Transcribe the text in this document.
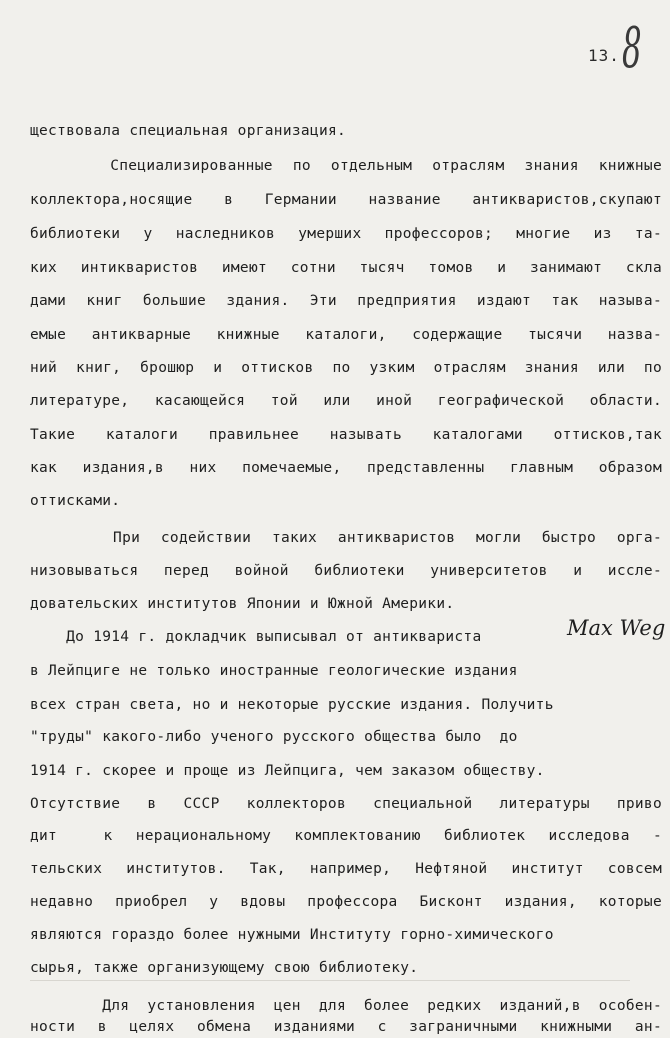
13. 8
ществовала специальная организация.
Специализированные по отдельным отраслям знания книжные
коллектора,носящие в Германии название антикваристов,скупают
библиотеки у наследников умерших профессоров; многие из та-
ких интикваристов имеют сотни тысяч томов и занимают скла
дами книг большие здания. Эти предприятия издают так называ-
емые антикварные книжные каталоги, содержащие тысячи назва-
ний книг, брошюр и оттисков по узким отраслям знания или по
литературе, касающейся той или иной географической области.
Такие каталоги правильнее называть каталогами оттисков,так
как издания,в них помечаемые, представленны главным образом
оттисками.
При содействии таких антикваристов могли быстро орга-
низовываться перед войной библиотеки университетов и иссле-
довательских институтов Японии и Южной Америки.
До 1914 г. докладчик выписывал от антиквариста	Max Weg
в Лейпциге не только иностранные геологические издания
всех стран света, но и некоторые русские издания. Получить
"труды" какого-либо ученого русского общества было  до
1914 г. скорее и проще из Лейпцига, чем заказом обществу.
Отсутствие в СССР коллекторов специальной литературы приво
дит  к нерациональному комплектованию библиотек исследова -
тельских институтов. Так, например, Нефтяной институт совсем
недавно приобрел у вдовы профессора Бисконт издания, которые
являются гораздо более нужными Институту горно-химического
сырья, также организующему свою библиотеку.
Для установления цен для более редких изданий,в особен-
ности в целях обмена изданиями с заграничными книжными ан-
